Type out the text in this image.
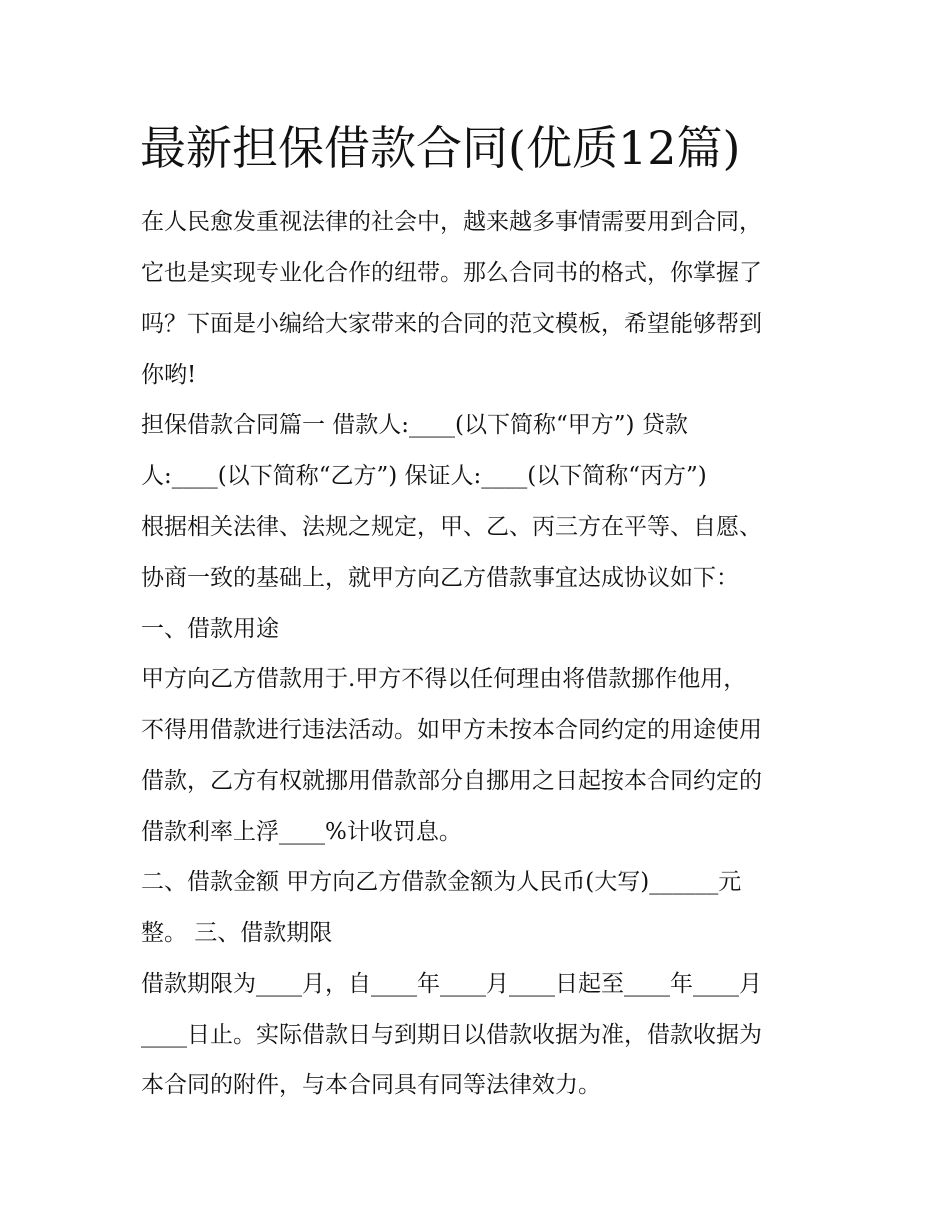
最新担保借款合同(优质12篇)

在人民愈发重视法律的社会中，越来越多事情需要用到合同，

它也是实现专业化合作的纽带。那么合同书的格式，你掌握了

吗？下面是小编给大家带来的合同的范文模板，希望能够帮到

你哟!

担保借款合同篇一 借款人:____(以下简称“甲方”) 贷款

人:____(以下简称“乙方”) 保证人:____(以下简称“丙方”)

根据相关法律、法规之规定，甲、乙、丙三方在平等、自愿、

协商一致的基础上，就甲方向乙方借款事宜达成协议如下：

一、借款用途

甲方向乙方借款用于.甲方不得以任何理由将借款挪作他用，

不得用借款进行违法活动。如甲方未按本合同约定的用途使用

借款，乙方有权就挪用借款部分自挪用之日起按本合同约定的

借款利率上浮____%计收罚息。

二、借款金额 甲方向乙方借款金额为人民币(大写)______元

整。 三、借款期限

借款期限为____月，自____年____月____日起至____年____月

____日止。实际借款日与到期日以借款收据为准，借款收据为

本合同的附件，与本合同具有同等法律效力。
